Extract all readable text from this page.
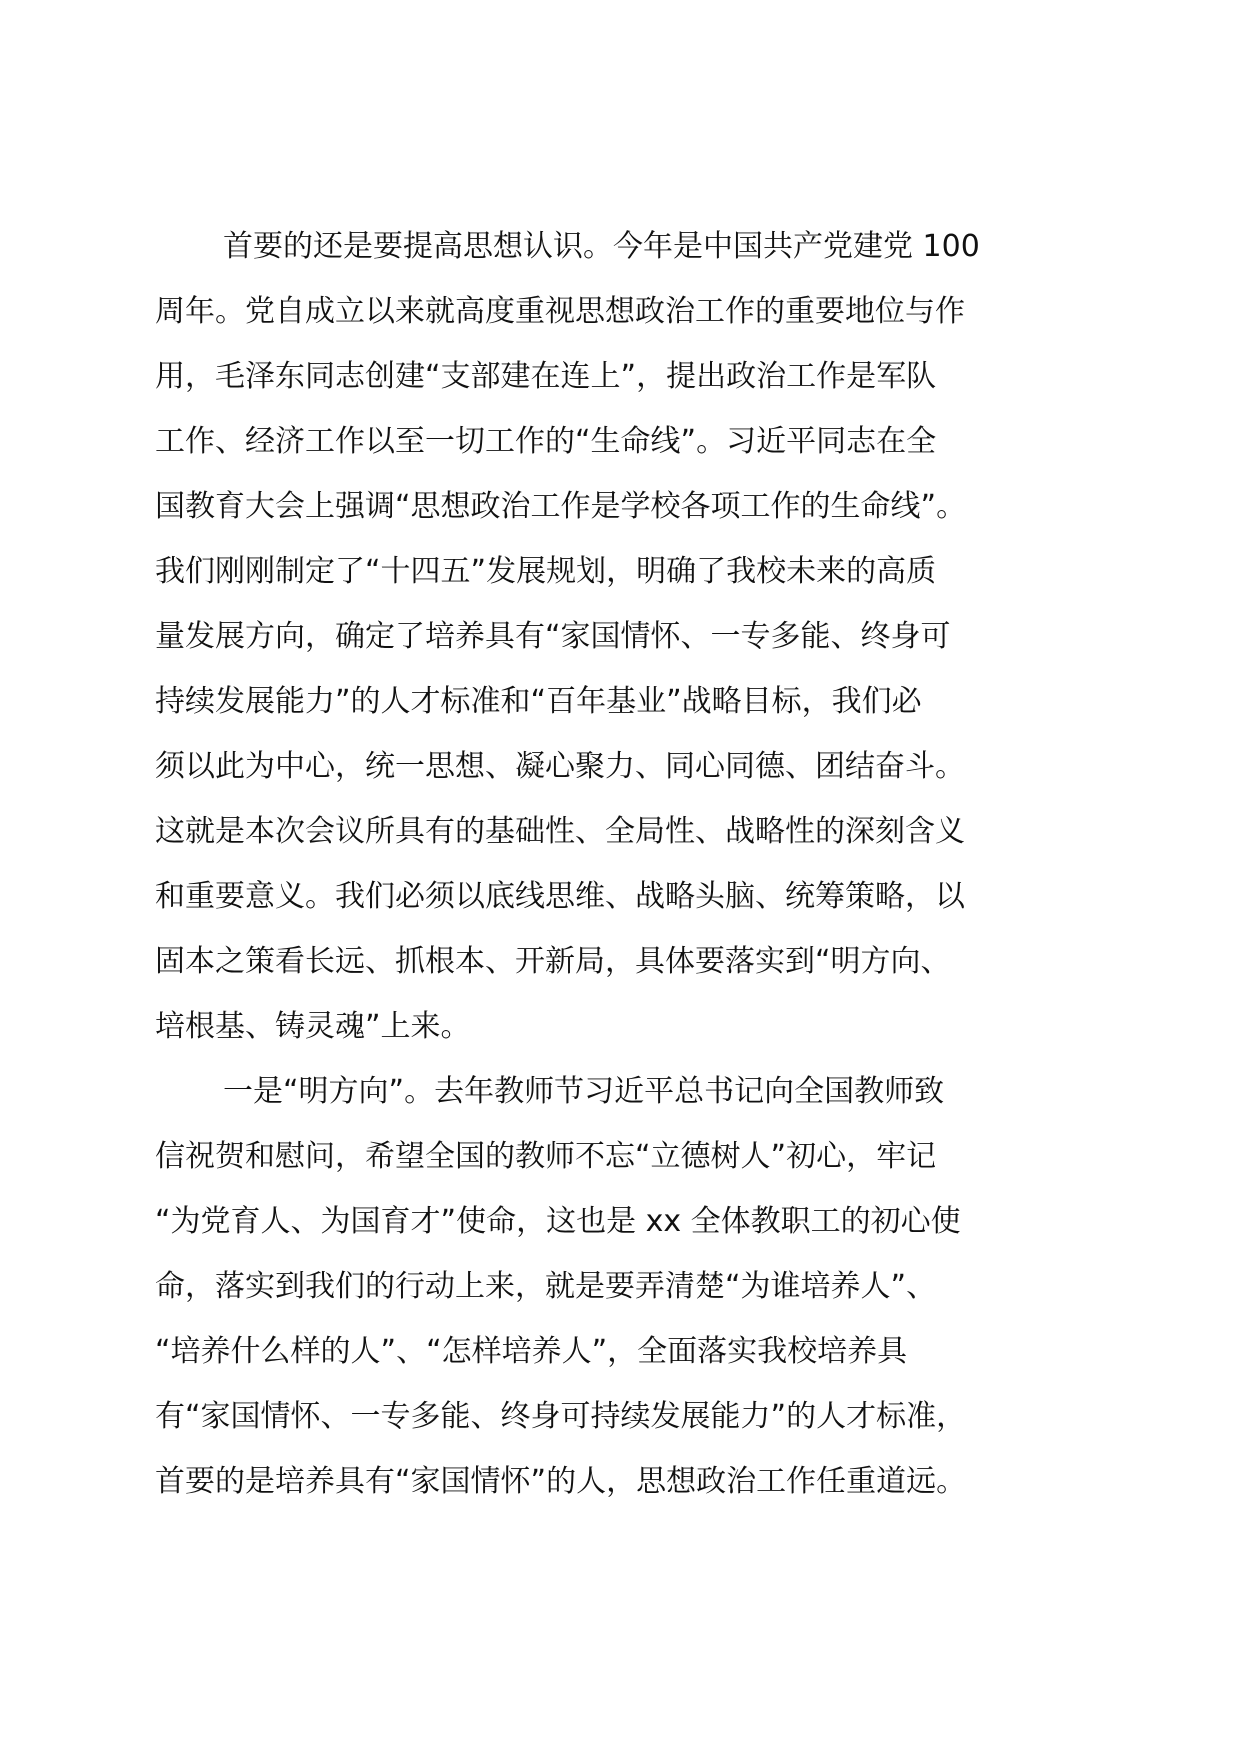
首要的还是要提高思想认识。今年是中国共产党建党 100
周年。党自成立以来就高度重视思想政治工作的重要地位与作
用，毛泽东同志创建“支部建在连上”，提出政治工作是军队
工作、经济工作以至一切工作的“生命线”。习近平同志在全
国教育大会上强调“思想政治工作是学校各项工作的生命线”。
我们刚刚制定了“十四五”发展规划，明确了我校未来的高质
量发展方向，确定了培养具有“家国情怀、一专多能、终身可
持续发展能力”的人才标准和“百年基业”战略目标，我们必
须以此为中心，统一思想、凝心聚力、同心同德、团结奋斗。
这就是本次会议所具有的基础性、全局性、战略性的深刻含义
和重要意义。我们必须以底线思维、战略头脑、统筹策略，以
固本之策看长远、抓根本、开新局，具体要落实到“明方向、
培根基、铸灵魂”上来。
一是“明方向”。去年教师节习近平总书记向全国教师致
信祝贺和慰问，希望全国的教师不忘“立德树人”初心，牢记
“为党育人、为国育才”使命，这也是 xx 全体教职工的初心使
命，落实到我们的行动上来，就是要弄清楚“为谁培养人”、
“培养什么样的人”、“怎样培养人”，全面落实我校培养具
有“家国情怀、一专多能、终身可持续发展能力”的人才标准，
首要的是培养具有“家国情怀”的人，思想政治工作任重道远。
